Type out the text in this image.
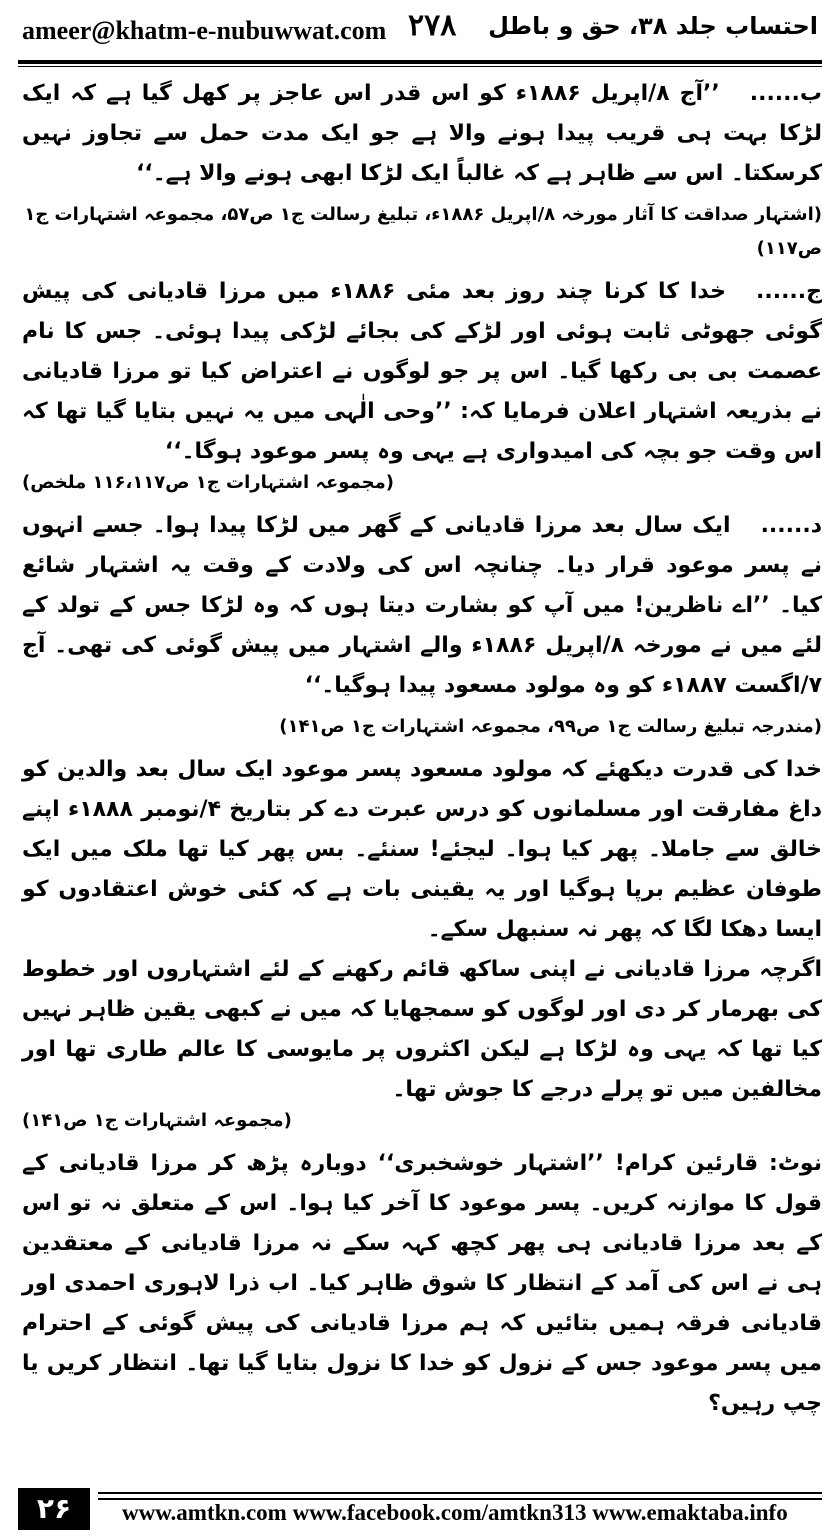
ameer@khatm-e-nubuwwat.com ۲۷۸ احتساب جلد ۳۸، حق و باطل

ب......’’آج ۸/اپریل ۱۸۸۶ء کو اس قدر اس عاجز پر کھل گیا ہے کہ ایک لڑکا بہت ہی قریب پیدا ہونے والا ہے جو ایک مدت حمل سے تجاوز نہیں کرسکتا۔ اس سے ظاہر ہے کہ غالباً ایک لڑکا ابھی ہونے والا ہے۔‘‘

(اشتہار صداقت کا آثار مورخہ ۸/اپریل ۱۸۸۶ء، تبلیغ رسالت ج۱ ص۵۷، مجموعہ اشتہارات ج۱ ص۱۱۷)

ج......خدا کا کرنا چند روز بعد مئی ۱۸۸۶ء میں مرزا قادیانی کی پیش گوئی جھوٹی ثابت ہوئی اور لڑکے کی بجائے لڑکی پیدا ہوئی۔ جس کا نام عصمت بی بی رکھا گیا۔ اس پر جو لوگوں نے اعتراض کیا تو مرزا قادیانی نے بذریعہ اشتہار اعلان فرمایا کہ: ’’وحی الٰہی میں یہ نہیں بتایا گیا تھا کہ اس وقت جو بچہ کی امیدواری ہے یہی وہ پسر موعود ہوگا۔‘‘

(مجموعہ اشتہارات ج۱ ص۱۱۶،۱۱۷ ملخص)

د......ایک سال بعد مرزا قادیانی کے گھر میں لڑکا پیدا ہوا۔ جسے انہوں نے پسر موعود قرار دیا۔ چنانچہ اس کی ولادت کے وقت یہ اشتہار شائع کیا۔ ’’اے ناظرین! میں آپ کو بشارت دیتا ہوں کہ وہ لڑکا جس کے تولد کے لئے میں نے مورخہ ۸/اپریل ۱۸۸۶ء والے اشتہار میں پیش گوئی کی تھی۔ آج ۷/اگست ۱۸۸۷ء کو وہ مولود مسعود پیدا ہوگیا۔‘‘

(مندرجہ تبلیغ رسالت ج۱ ص۹۹، مجموعہ اشتہارات ج۱ ص۱۴۱)

خدا کی قدرت دیکھئے کہ مولود مسعود پسر موعود ایک سال بعد والدین کو داغ مفارقت اور مسلمانوں کو درس عبرت دے کر بتاریخ ۴/نومبر ۱۸۸۸ء اپنے خالق سے جاملا۔ پھر کیا ہوا۔ لیجئے! سنئے۔ بس پھر کیا تھا ملک میں ایک طوفان عظیم برپا ہوگیا اور یہ یقینی بات ہے کہ کئی خوش اعتقادوں کو ایسا دھکا لگا کہ پھر نہ سنبھل سکے۔

اگرچہ مرزا قادیانی نے اپنی ساکھ قائم رکھنے کے لئے اشتہاروں اور خطوط کی بھرمار کر دی اور لوگوں کو سمجھایا کہ میں نے کبھی یقین ظاہر نہیں کیا تھا کہ یہی وہ لڑکا ہے لیکن اکثروں پر مایوسی کا عالم طاری تھا اور مخالفین میں تو پرلے درجے کا جوش تھا۔

(مجموعہ اشتہارات ج۱ ص۱۴۱)

نوٹ: قارئین کرام! ’’اشتہار خوشخبری‘‘ دوبارہ پڑھ کر مرزا قادیانی کے قول کا موازنہ کریں۔ پسر موعود کا آخر کیا ہوا۔ اس کے متعلق نہ تو اس کے بعد مرزا قادیانی ہی پھر کچھ کہہ سکے نہ مرزا قادیانی کے معتقدین ہی نے اس کی آمد کے انتظار کا شوق ظاہر کیا۔ اب ذرا لاہوری احمدی اور قادیانی فرقہ ہمیں بتائیں کہ ہم مرزا قادیانی کی پیش گوئی کے احترام میں پسر موعود جس کے نزول کو خدا کا نزول بتایا گیا تھا۔ انتظار کریں یا چپ رہیں؟

۲۶	www.amtkn.com www.facebook.com/amtkn313 www.emaktaba.info
